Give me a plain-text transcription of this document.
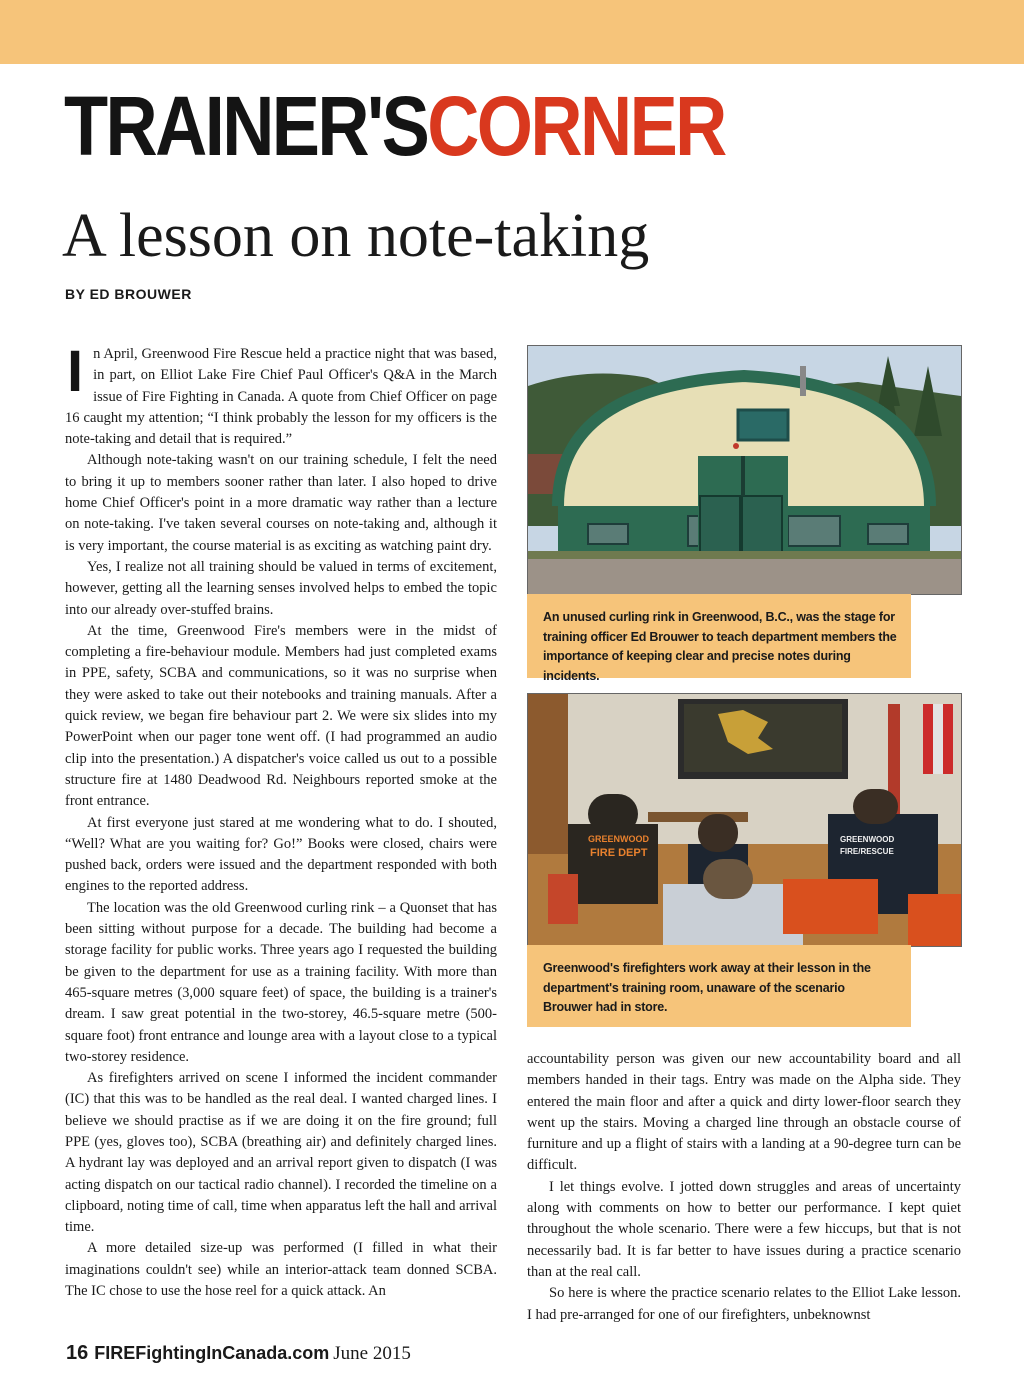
TRAINER'SCORNER
A lesson on note-taking
BY ED BROUWER

In April, Greenwood Fire Rescue held a practice night that was based, in part, on Elliot Lake Fire Chief Paul Officer's Q&A in the March issue of Fire Fighting in Canada. A quote from Chief Officer on page 16 caught my attention; “I think probably the lesson for my officers is the note-taking and detail that is required.”

Although note-taking wasn't on our training schedule, I felt the need to bring it up to members sooner rather than later. I also hoped to drive home Chief Officer's point in a more dramatic way rather than a lecture on note-taking. I've taken several courses on note-taking and, although it is very important, the course material is as exciting as watching paint dry.

Yes, I realize not all training should be valued in terms of excitement, however, getting all the learning senses involved helps to embed the topic into our already over-stuffed brains.

At the time, Greenwood Fire's members were in the midst of completing a fire-behaviour module. Members had just completed exams in PPE, safety, SCBA and communications, so it was no surprise when they were asked to take out their notebooks and training manuals. After a quick review, we began fire behaviour part 2. We were six slides into my PowerPoint when our pager tone went off. (I had programmed an audio clip into the presentation.) A dispatcher's voice called us out to a possible structure fire at 1480 Deadwood Rd. Neighbours reported smoke at the front entrance.

At first everyone just stared at me wondering what to do. I shouted, “Well? What are you waiting for? Go!” Books were closed, chairs were pushed back, orders were issued and the department responded with both engines to the reported address.

The location was the old Greenwood curling rink – a Quonset that has been sitting without purpose for a decade. The building had become a storage facility for public works. Three years ago I requested the building be given to the department for use as a training facility. With more than 465-square metres (3,000 square feet) of space, the building is a trainer's dream. I saw great potential in the two-storey, 46.5-square metre (500-square foot) front entrance and lounge area with a layout close to a typical two-storey residence.

As firefighters arrived on scene I informed the incident commander (IC) that this was to be handled as the real deal. I wanted charged lines. I believe we should practise as if we are doing it on the fire ground; full PPE (yes, gloves too), SCBA (breathing air) and definitely charged lines. A hydrant lay was deployed and an arrival report given to dispatch (I was acting dispatch on our tactical radio channel). I recorded the timeline on a clipboard, noting time of call, time when apparatus left the hall and arrival time.

A more detailed size-up was performed (I filled in what their imaginations couldn't see) while an interior-attack team donned SCBA. The IC chose to use the hose reel for a quick attack. An

An unused curling rink in Greenwood, B.C., was the stage for training officer Ed Brouwer to teach department members the importance of keeping clear and precise notes during incidents.
GREENWOOD
FIRE DEPT
GREENWOOD
FIRE/RESCUE
Greenwood's firefighters work away at their lesson in the department's training room, unaware of the scenario Brouwer had in store.

accountability person was given our new accountability board and all members handed in their tags. Entry was made on the Alpha side. They entered the main floor and after a quick and dirty lower-floor search they went up the stairs. Moving a charged line through an obstacle course of furniture and up a flight of stairs with a landing at a 90-degree turn can be difficult.

I let things evolve. I jotted down struggles and areas of uncertainty along with comments on how to better our performance. I kept quiet throughout the whole scenario. There were a few hiccups, but that is not necessarily bad. It is far better to have issues during a practice scenario than at the real call.

So here is where the practice scenario relates to the Elliot Lake lesson. I had pre-arranged for one of our firefighters, unbeknownst

16 FIREFightingInCanada.com June 2015
